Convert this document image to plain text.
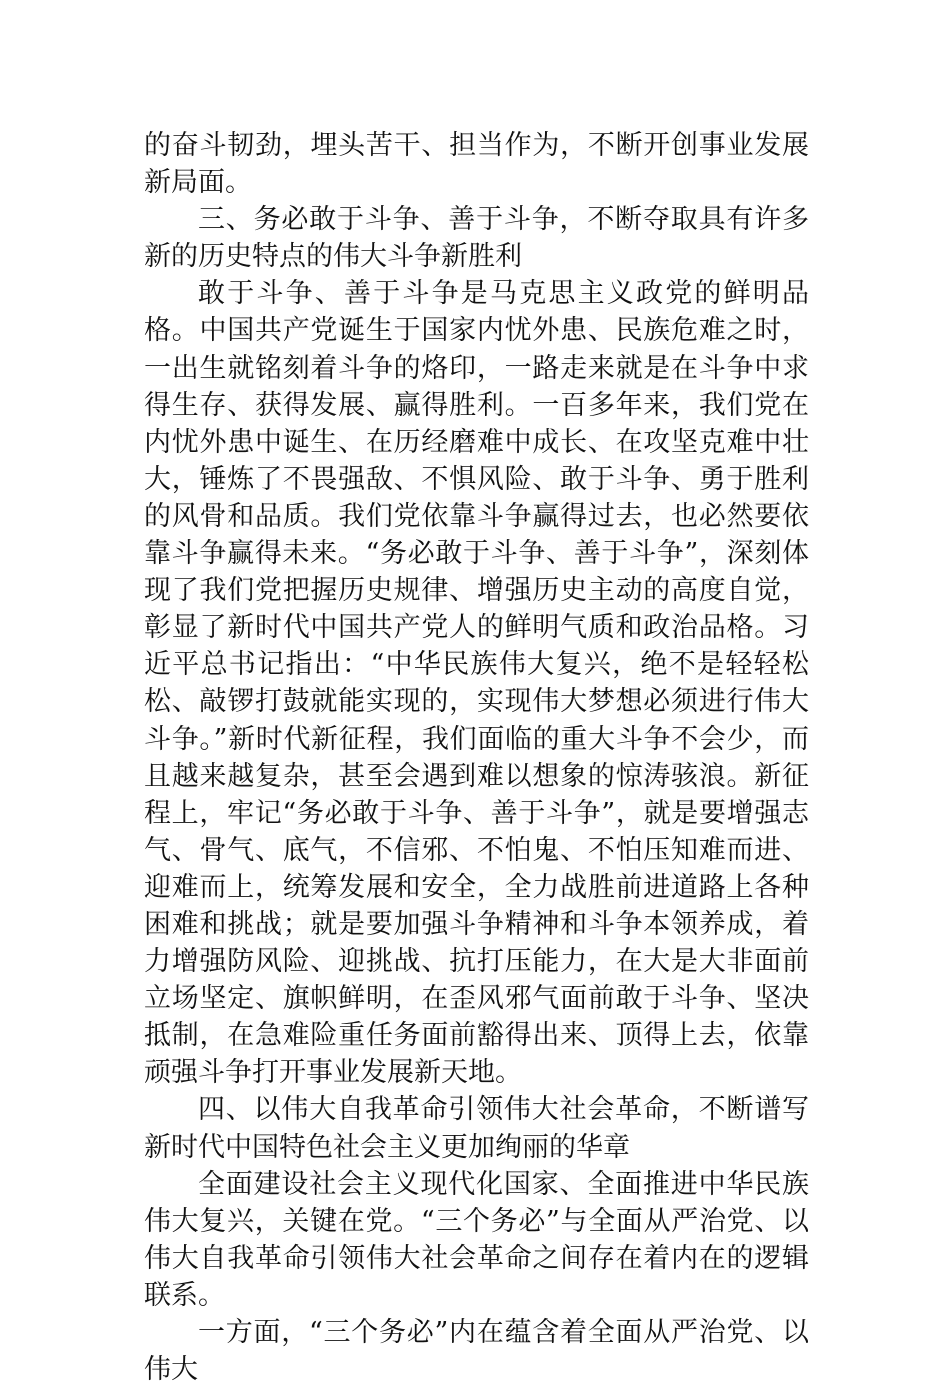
的奋斗韧劲，埋头苦干、担当作为，不断开创事业发展新局面。

三、务必敢于斗争、善于斗争，不断夺取具有许多新的历史特点的伟大斗争新胜利

敢于斗争、善于斗争是马克思主义政党的鲜明品格。中国共产党诞生于国家内忧外患、民族危难之时，一出生就铭刻着斗争的烙印，一路走来就是在斗争中求得生存、获得发展、赢得胜利。一百多年来，我们党在内忧外患中诞生、在历经磨难中成长、在攻坚克难中壮大，锤炼了不畏强敌、不惧风险、敢于斗争、勇于胜利的风骨和品质。我们党依靠斗争赢得过去，也必然要依靠斗争赢得未来。“务必敢于斗争、善于斗争”，深刻体现了我们党把握历史规律、增强历史主动的高度自觉，彰显了新时代中国共产党人的鲜明气质和政治品格。习近平总书记指出：“中华民族伟大复兴，绝不是轻轻松松、敲锣打鼓就能实现的，实现伟大梦想必须进行伟大斗争。”新时代新征程，我们面临的重大斗争不会少，而且越来越复杂，甚至会遇到难以想象的惊涛骇浪。新征程上，牢记“务必敢于斗争、善于斗争”，就是要增强志气、骨气、底气，不信邪、不怕鬼、不怕压知难而进、迎难而上，统筹发展和安全，全力战胜前进道路上各种困难和挑战；就是要加强斗争精神和斗争本领养成，着力增强防风险、迎挑战、抗打压能力，在大是大非面前立场坚定、旗帜鲜明，在歪风邪气面前敢于斗争、坚决抵制，在急难险重任务面前豁得出来、顶得上去，依靠顽强斗争打开事业发展新天地。

四、以伟大自我革命引领伟大社会革命，不断谱写新时代中国特色社会主义更加绚丽的华章

全面建设社会主义现代化国家、全面推进中华民族伟大复兴，关键在党。“三个务必”与全面从严治党、以伟大自我革命引领伟大社会革命之间存在着内在的逻辑联系。

一方面，“三个务必”内在蕴含着全面从严治党、以伟大
